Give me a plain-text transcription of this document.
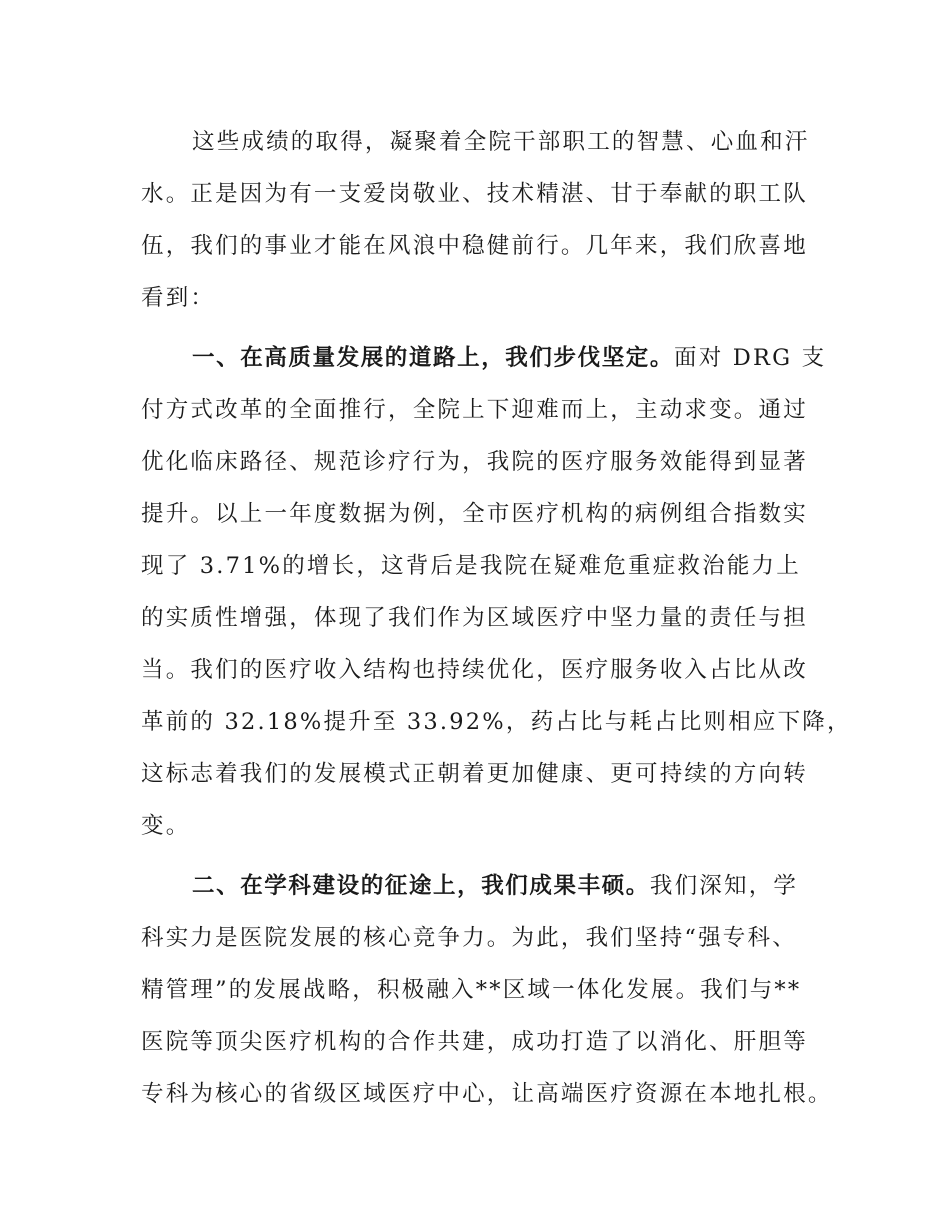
这些成绩的取得，凝聚着全院干部职工的智慧、心血和汗
水。正是因为有一支爱岗敬业、技术精湛、甘于奉献的职工队
伍，我们的事业才能在风浪中稳健前行。几年来，我们欣喜地
看到：
一、在高质量发展的道路上，我们步伐坚定。面对 DRG 支
付方式改革的全面推行，全院上下迎难而上，主动求变。通过
优化临床路径、规范诊疗行为，我院的医疗服务效能得到显著
提升。以上一年度数据为例，全市医疗机构的病例组合指数实
现了 3.71%的增长，这背后是我院在疑难危重症救治能力上
的实质性增强，体现了我们作为区域医疗中坚力量的责任与担
当。我们的医疗收入结构也持续优化，医疗服务收入占比从改
革前的 32.18%提升至 33.92%，药占比与耗占比则相应下降，
这标志着我们的发展模式正朝着更加健康、更可持续的方向转
变。
二、在学科建设的征途上，我们成果丰硕。我们深知，学
科实力是医院发展的核心竞争力。为此，我们坚持“强专科、
精管理”的发展战略，积极融入**区域一体化发展。我们与**
医院等顶尖医疗机构的合作共建，成功打造了以消化、肝胆等
专科为核心的省级区域医疗中心，让高端医疗资源在本地扎根。
